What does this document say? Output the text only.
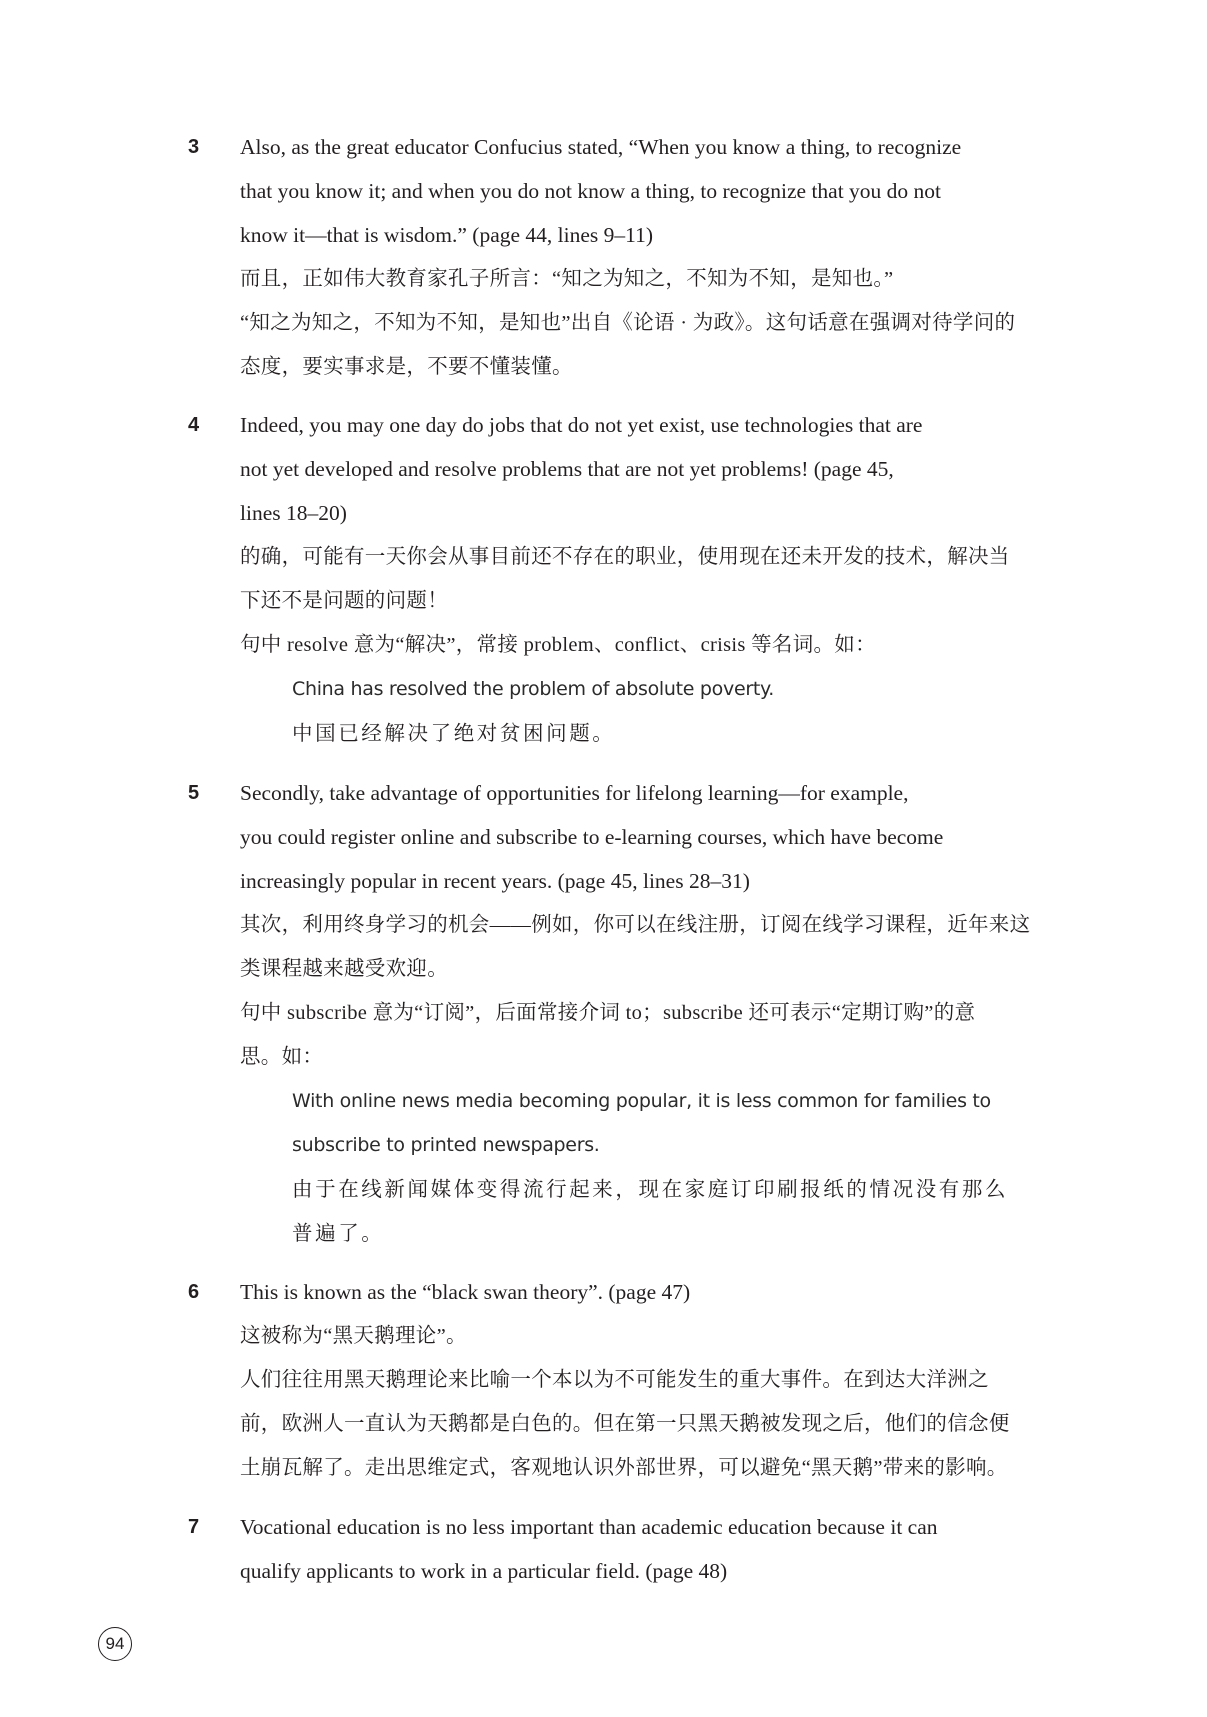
3 Also, as the great educator Confucius stated, “When you know a thing, to recognize
that you know it; and when you do not know a thing, to recognize that you do not
know it—that is wisdom.” (page 44, lines 9–11)
而且，正如伟大教育家孔子所言：“知之为知之，不知为不知，是知也。”
“知之为知之，不知为不知，是知也”出自《论语 · 为政》。这句话意在强调对待学问的
态度，要实事求是，不要不懂装懂。
4 Indeed, you may one day do jobs that do not yet exist, use technologies that are
not yet developed and resolve problems that are not yet problems! (page 45,
lines 18–20)
的确，可能有一天你会从事目前还不存在的职业，使用现在还未开发的技术，解决当
下还不是问题的问题！
句中 resolve 意为“解决”，常接 problem、conflict、crisis 等名词。如：
China has resolved the problem of absolute poverty.
中国已经解决了绝对贫困问题。
5 Secondly, take advantage of opportunities for lifelong learning—for example,
you could register online and subscribe to e-learning courses, which have become
increasingly popular in recent years. (page 45, lines 28–31)
其次，利用终身学习的机会——例如，你可以在线注册，订阅在线学习课程，近年来这
类课程越来越受欢迎。
句中 subscribe 意为“订阅”，后面常接介词 to；subscribe 还可表示“定期订购”的意
思。如：
With online news media becoming popular, it is less common for families to
subscribe to printed newspapers.
由于在线新闻媒体变得流行起来，现在家庭订印刷报纸的情况没有那么
普遍了。
6 This is known as the “black swan theory”. (page 47)
这被称为“黑天鹅理论”。
人们往往用黑天鹅理论来比喻一个本以为不可能发生的重大事件。在到达大洋洲之
前，欧洲人一直认为天鹅都是白色的。但在第一只黑天鹅被发现之后，他们的信念便
土崩瓦解了。走出思维定式，客观地认识外部世界，可以避免“黑天鹅”带来的影响。
7 Vocational education is no less important than academic education because it can
qualify applicants to work in a particular field. (page 48)
94
